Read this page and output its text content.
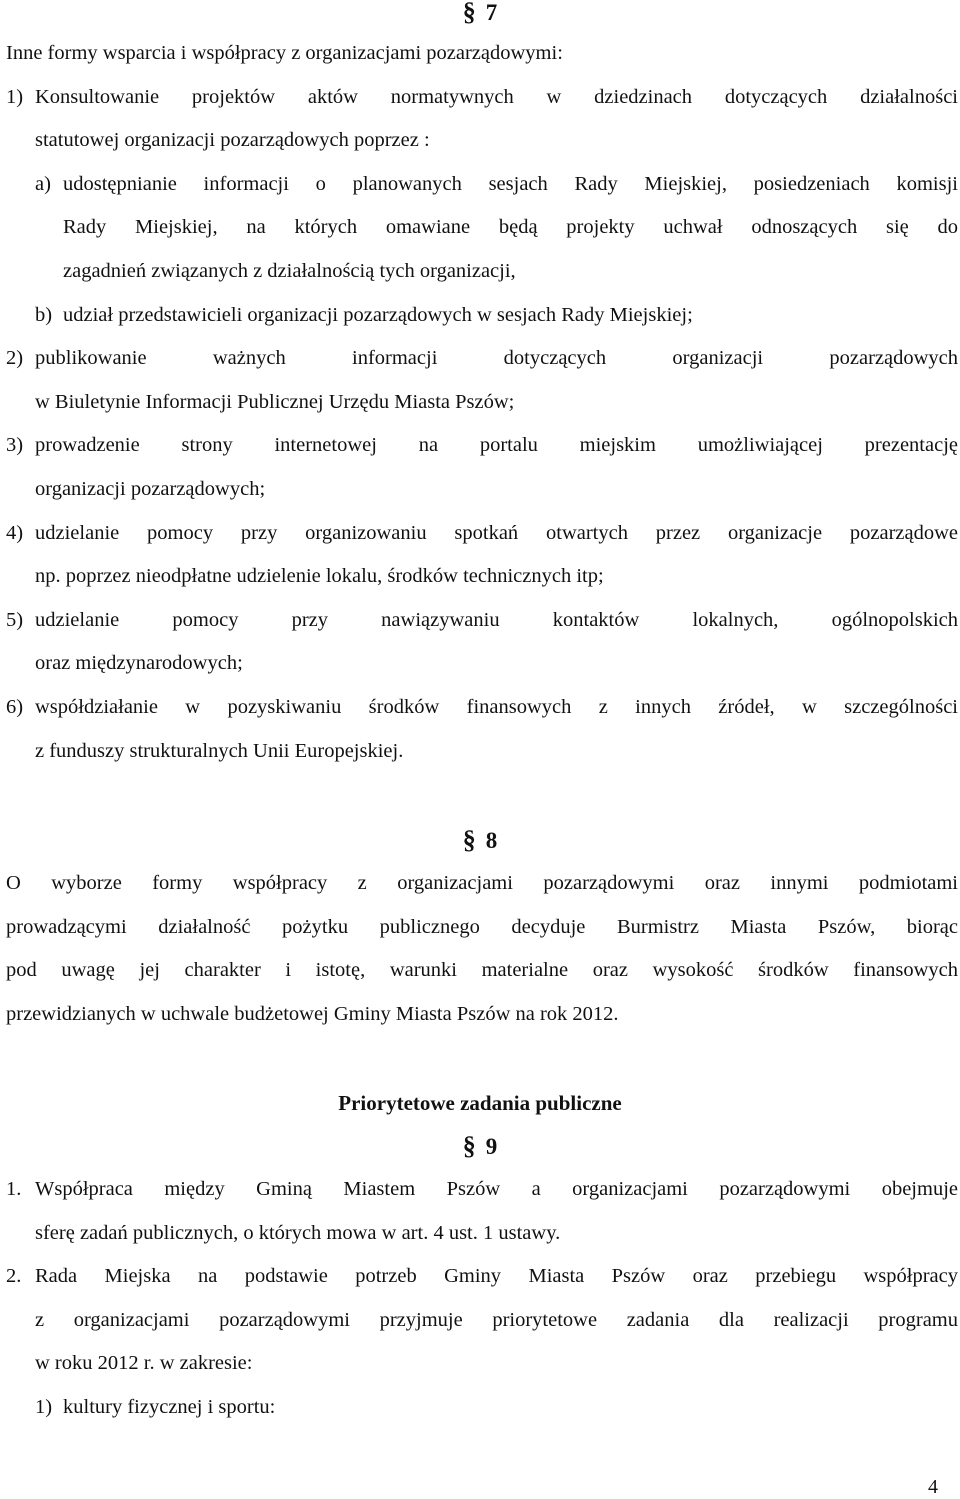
§ 7

Inne formy wsparcia i współpracy z organizacjami pozarządowymi:

1) Konsultowanie projektów aktów normatywnych w dziedzinach dotyczących działalności

statutowej organizacji pozarządowych poprzez :

a) udostępnianie informacji o planowanych sesjach Rady Miejskiej, posiedzeniach komisji

Rady Miejskiej, na których omawiane będą projekty uchwał odnoszących się do

zagadnień związanych z działalnością tych organizacji,

b) udział przedstawicieli organizacji pozarządowych w sesjach Rady Miejskiej;
2) publikowanie ważnych informacji dotyczących organizacji pozarządowych

w Biuletynie Informacji Publicznej Urzędu Miasta Pszów;

3) prowadzenie strony internetowej na portalu miejskim umożliwiającej prezentację

organizacji pozarządowych;

4) udzielanie pomocy przy organizowaniu spotkań otwartych przez organizacje pozarządowe

np. poprzez nieodpłatne udzielenie lokalu, środków technicznych itp;

5) udzielanie pomocy przy nawiązywaniu kontaktów lokalnych, ogólnopolskich

oraz międzynarodowych;

6) współdziałanie w pozyskiwaniu środków finansowych z innych źródeł, w szczególności

z funduszy strukturalnych Unii Europejskiej.

§ 8

O wyborze formy współpracy z organizacjami pozarządowymi oraz innymi podmiotami

prowadzącymi działalność pożytku publicznego decyduje Burmistrz Miasta Pszów, biorąc

pod uwagę jej charakter i istotę, warunki materialne oraz wysokość środków finansowych

przewidzianych w uchwale budżetowej Gminy Miasta Pszów na rok 2012.

Priorytetowe zadania publiczne
§ 9
1. Współpraca między Gminą Miastem Pszów a organizacjami pozarządowymi obejmuje

sferę zadań publicznych, o których mowa w art. 4 ust. 1 ustawy.

2. Rada Miejska na podstawie potrzeb Gminy Miasta Pszów oraz przebiegu współpracy

z organizacjami pozarządowymi przyjmuje priorytetowe zadania dla realizacji programu

w roku 2012 r. w zakresie:

1) kultury fizycznej i sportu:
4
